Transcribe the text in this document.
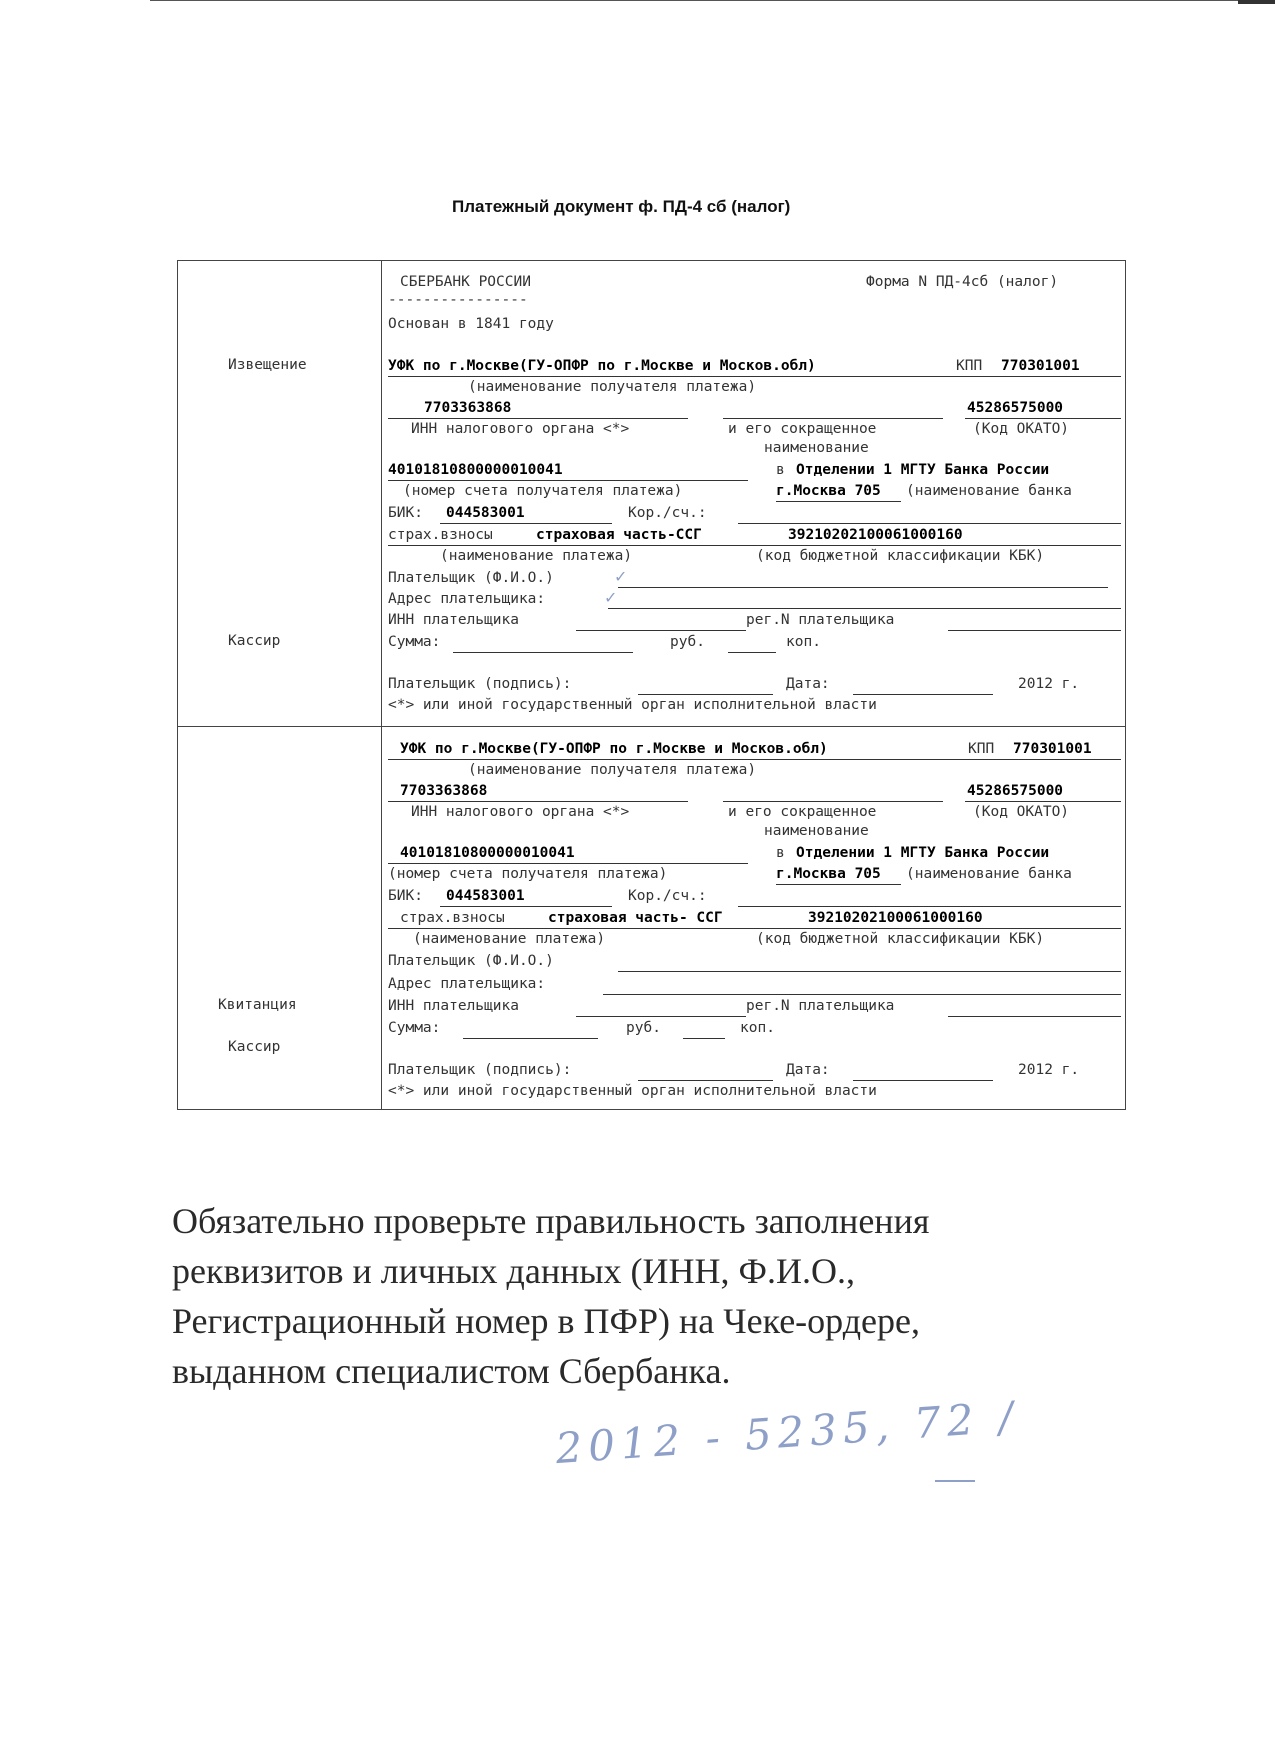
Платежный документ ф. ПД-4 сб (налог)
Извещение
Кассир
СБЕРБАНК РОССИИ	Форма N ПД-4сб (налог)
----------------
Основан в 1841 году
УФК по г.Москве(ГУ-ОПФР по г.Москве и Москов.обл)	КПП 770301001
(наименование получателя платежа)
7703363868	45286575000
ИНН налогового органа <*>	и его сокращенное	(Код ОКАТО)
наименование
40101810800000010041	в Отделении 1 МГТУ Банка России
(номер счета получателя платежа)	г.Москва 705 (наименование банка
БИК: 044583001	Кор./сч.:
страх.взносы	страховая часть-ССГ	39210202100061000160
(наименование платежа)	(код бюджетной классификации КБК)
Плательщик (Ф.И.О.)	✓
Адрес плательщика:	✓
ИНН плательщика	рег.N плательщика
Сумма:	руб.	коп.
Плательщик (подпись):	Дата:	2012 г.
<*> или иной государственный орган исполнительной власти
Квитанция
Кассир
УФК по г.Москве(ГУ-ОПФР по г.Москве и Москов.обл)	КПП 770301001
(наименование получателя платежа)
7703363868	45286575000
ИНН налогового органа <*>	и его сокращенное	(Код ОКАТО)
наименование
40101810800000010041	в Отделении 1 МГТУ Банка России
(номер счета получателя платежа)	г.Москва 705 (наименование банка
БИК: 044583001	Кор./сч.:
страх.взносы	страховая часть- ССГ	39210202100061000160
(наименование платежа)	(код бюджетной классификации КБК)
Плательщик (Ф.И.О.)
Адрес плательщика:
ИНН плательщика	рег.N плательщика
Сумма:	руб.	коп.
Плательщик (подпись):	Дата:	2012 г.
<*> или иной государственный орган исполнительной власти
Обязательно проверьте правильность заполнения
реквизитов и личных данных (ИНН, Ф.И.О.,
Регистрационный номер в ПФР) на Чеке-ордере,
выданном специалистом Сбербанка.
2012 - 5235, 72 /
